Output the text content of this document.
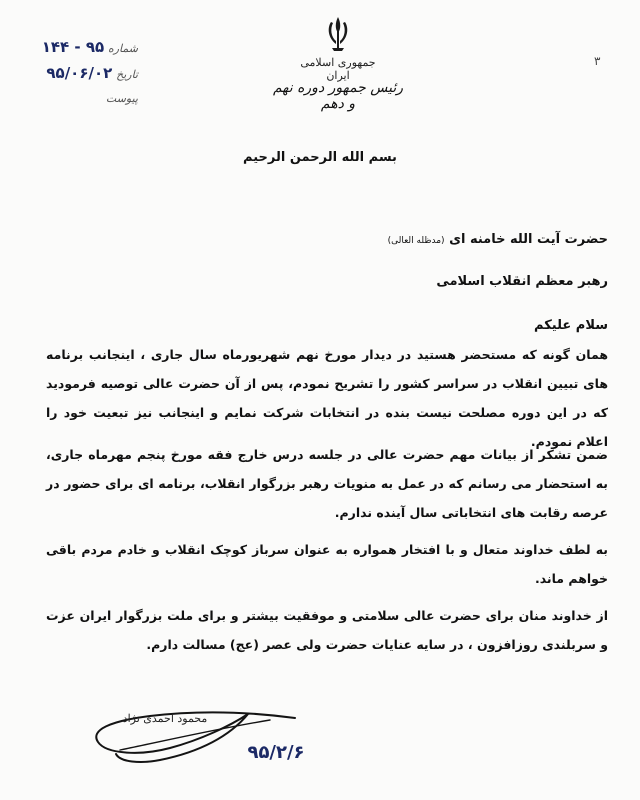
جمهوری اسلامی ایران
رئیس جمهور دوره نهم و دهم
۳
شماره ۹۵ - ۱۴۴
تاریخ ۹۵/۰۶/۰۲
پیوست
بسم الله الرحمن الرحیم
حضرت آیت الله خامنه ای (مدظله العالی)
رهبر معظم انقلاب اسلامی
سلام علیکم
همان گونه که مستحضر هستید در دیدار مورخ نهم شهریورماه سال جاری ، اینجانب برنامه های تبیین انقلاب در سراسر کشور را تشریح نمودم، پس از آن حضرت عالی توصیه فرمودید که در این دوره مصلحت نیست بنده در انتخابات شرکت نمایم و اینجانب نیز تبعیت خود را اعلام نمودم.
ضمن تشکر از بیانات مهم حضرت عالی در جلسه درس خارج فقه مورخ پنجم مهرماه جاری، به استحضار می رسانم که در عمل به منویات رهبر بزرگوار انقلاب، برنامه ای برای حضور در عرصه رقابت های انتخاباتی سال آینده ندارم.
به لطف خداوند متعال و با افتخار همواره به عنوان سرباز کوچک انقلاب و خادم مردم باقی خواهم ماند.
از خداوند منان برای حضرت عالی سلامتی و موفقیت بیشتر و برای ملت بزرگوار ایران عزت و سربلندی روزافزون ، در سایه عنایات حضرت ولی عصر (عج) مسالت دارم.
محمود احمدی نژاد
۹۵/۲/۶
